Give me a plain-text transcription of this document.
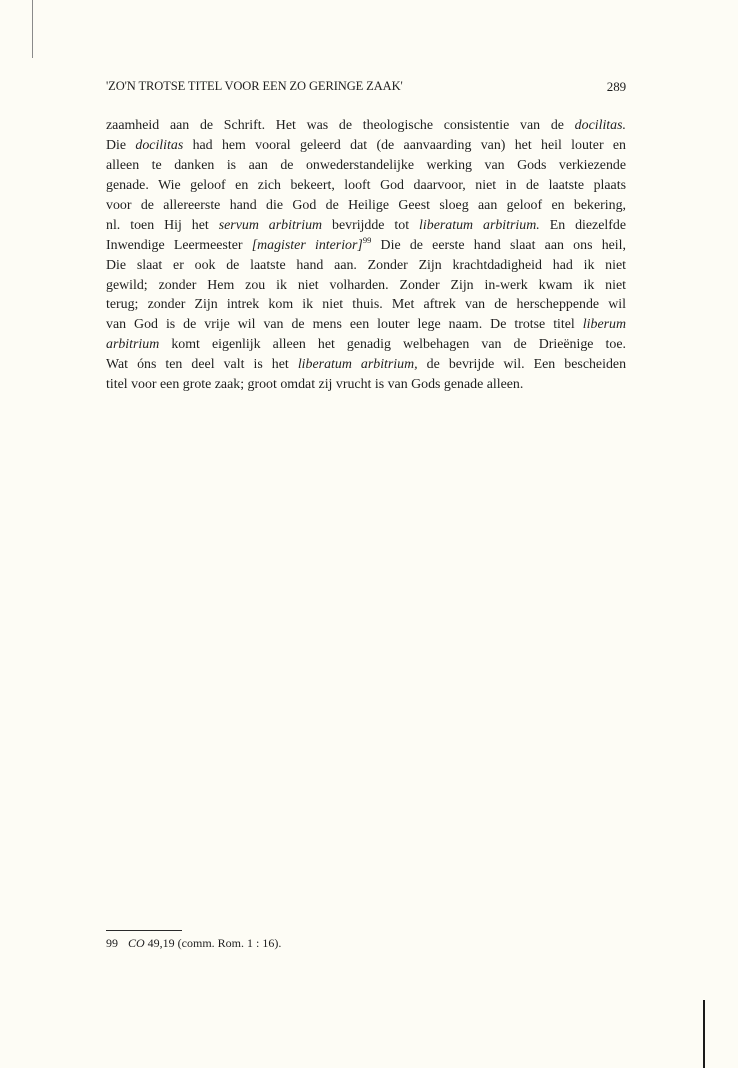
'ZO'N TROTSE TITEL VOOR EEN ZO GERINGE ZAAK'	289
zaamheid aan de Schrift. Het was de theologische consistentie van de docilitas.
Die docilitas had hem vooral geleerd dat (de aanvaarding van) het heil louter en
alleen te danken is aan de onwederstandelijke werking van Gods verkiezende
genade. Wie geloof en zich bekeert, looft God daarvoor, niet in de laatste plaats
voor de allereerste hand die God de Heilige Geest sloeg aan geloof en bekering,
nl. toen Hij het servum arbitrium bevrijdde tot liberatum arbitrium. En diezelfde
Inwendige Leermeester [magister interior]$^{99}$ Die de eerste hand slaat aan ons heil,
Die slaat er ook de laatste hand aan. Zonder Zijn krachtdadigheid had ik niet
gewild; zonder Hem zou ik niet volharden. Zonder Zijn in-werk kwam ik niet
terug; zonder Zijn intrek kom ik niet thuis. Met aftrek van de herscheppende wil
van God is de vrije wil van de mens een louter lege naam. De trotse titel liberum
arbitrium komt eigenlijk alleen het genadig welbehagen van de Drieënige toe.
Wat óns ten deel valt is het liberatum arbitrium, de bevrijde wil. Een bescheiden
titel voor een grote zaak; groot omdat zij vrucht is van Gods genade alleen.
99 CO 49,19 (comm. Rom. 1 : 16).
